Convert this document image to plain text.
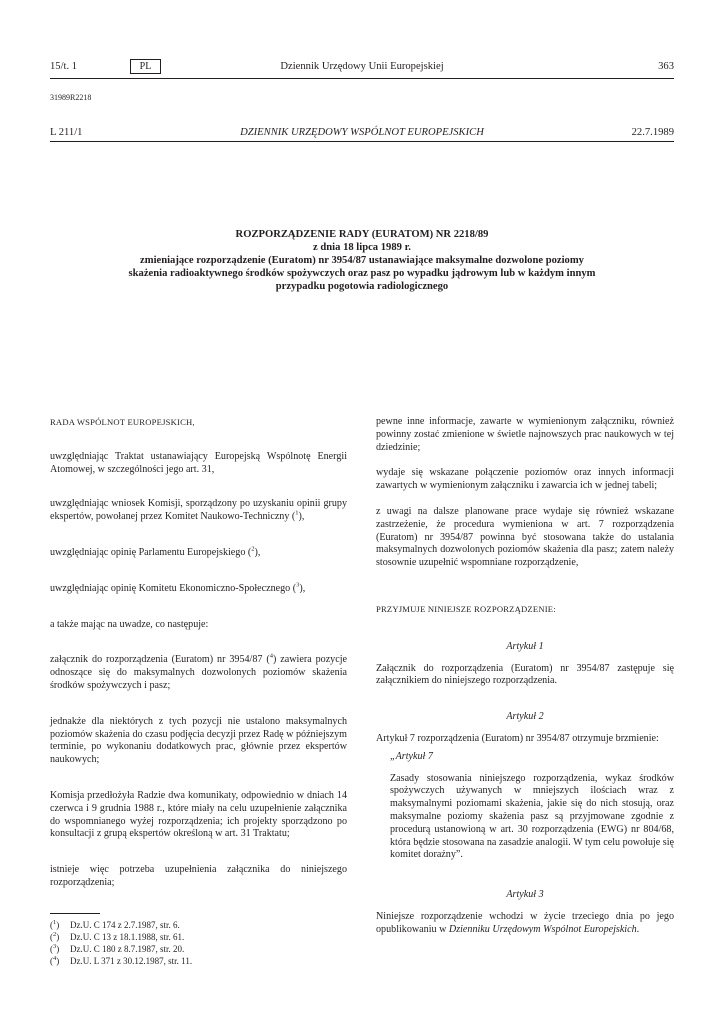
15/t. 1	PL	Dziennik Urzędowy Unii Europejskiej	363
31989R2218
L 211/1	DZIENNIK URZĘDOWY WSPÓLNOT EUROPEJSKICH	22.7.1989
ROZPORZĄDZENIE RADY (EURATOM) NR 2218/89
z dnia 18 lipca 1989 r.
zmieniające rozporządzenie (Euratom) nr 3954/87 ustanawiające maksymalne dozwolone poziomy
skażenia radioaktywnego środków spożywczych oraz pasz po wypadku jądrowym lub w każdym innym
przypadku pogotowia radiologicznego

RADA WSPÓLNOT EUROPEJSKICH,

uwzględniając Traktat ustanawiający Europejską Wspólnotę Energii Atomowej, w szczególności jego art. 31,

uwzględniając wniosek Komisji, sporządzony po uzyskaniu opinii grupy ekspertów, powołanej przez Komitet Naukowo-Techniczny ($^1$),

uwzględniając opinię Parlamentu Europejskiego ($^2$),

uwzględniając opinię Komitetu Ekonomiczno-Społecznego ($^3$),

a także mając na uwadze, co następuje:

załącznik do rozporządzenia (Euratom) nr 3954/87 ($^4$) zawiera pozycje odnoszące się do maksymalnych dozwolonych poziomów skażenia środków spożywczych i pasz;

jednakże dla niektórych z tych pozycji nie ustalono maksymalnych poziomów skażenia do czasu podjęcia decyzji przez Radę w późniejszym terminie, po wykonaniu dodatkowych prac, głównie przez ekspertów naukowych;

Komisja przedłożyła Radzie dwa komunikaty, odpowiednio w dniach 14 czerwca i 9 grudnia 1988 r., które miały na celu uzupełnienie załącznika do wspomnianego wyżej rozporządzenia; ich projekty sporządzono po konsultacji z grupą ekspertów określoną w art. 31 Traktatu;

istnieje więc potrzeba uzupełnienia załącznika do niniejszego rozporządzenia;

pewne inne informacje, zawarte w wymienionym załączniku, również powinny zostać zmienione w świetle najnowszych prac naukowych w tej dziedzinie;

wydaje się wskazane połączenie poziomów oraz innych informacji zawartych w wymienionym załączniku i zawarcia ich w jednej tabeli;

z uwagi na dalsze planowane prace wydaje się również wskazane zastrzeżenie, że procedura wymieniona w art. 7 rozporządzenia (Euratom) nr 3954/87 powinna być stosowana także do ustalania maksymalnych dozwolonych poziomów skażenia dla pasz; zatem należy stosownie uzupełnić wspomniane rozporządzenie,

PRZYJMUJE NINIEJSZE ROZPORZĄDZENIE:

Artykuł 1

Załącznik do rozporządzenia (Euratom) nr 3954/87 zastępuje się załącznikiem do niniejszego rozporządzenia.

Artykuł 2

Artykuł 7 rozporządzenia (Euratom) nr 3954/87 otrzymuje brzmienie:

„Artykuł 7

Zasady stosowania niniejszego rozporządzenia, wykaz środków spożywczych używanych w mniejszych ilościach wraz z maksymalnymi poziomami skażenia, jakie się do nich stosują, oraz maksymalne poziomy skażenia pasz są przyjmowane zgodnie z procedurą ustanowioną w art. 30 rozporządzenia (EWG) nr 804/68, która będzie stosowana na zasadzie analogii. W tym celu powołuje się komitet doraźny”.

Artykuł 3

Niniejsze rozporządzenie wchodzi w życie trzeciego dnia po jego opublikowaniu w Dzienniku Urzędowym Wspólnot Europejskich.

($^1$) Dz.U. C 174 z 2.7.1987, str. 6.
($^2$) Dz.U. C 13 z 18.1.1988, str. 61.
($^3$) Dz.U. C 180 z 8.7.1987, str. 20.
($^4$) Dz.U. L 371 z 30.12.1987, str. 11.
